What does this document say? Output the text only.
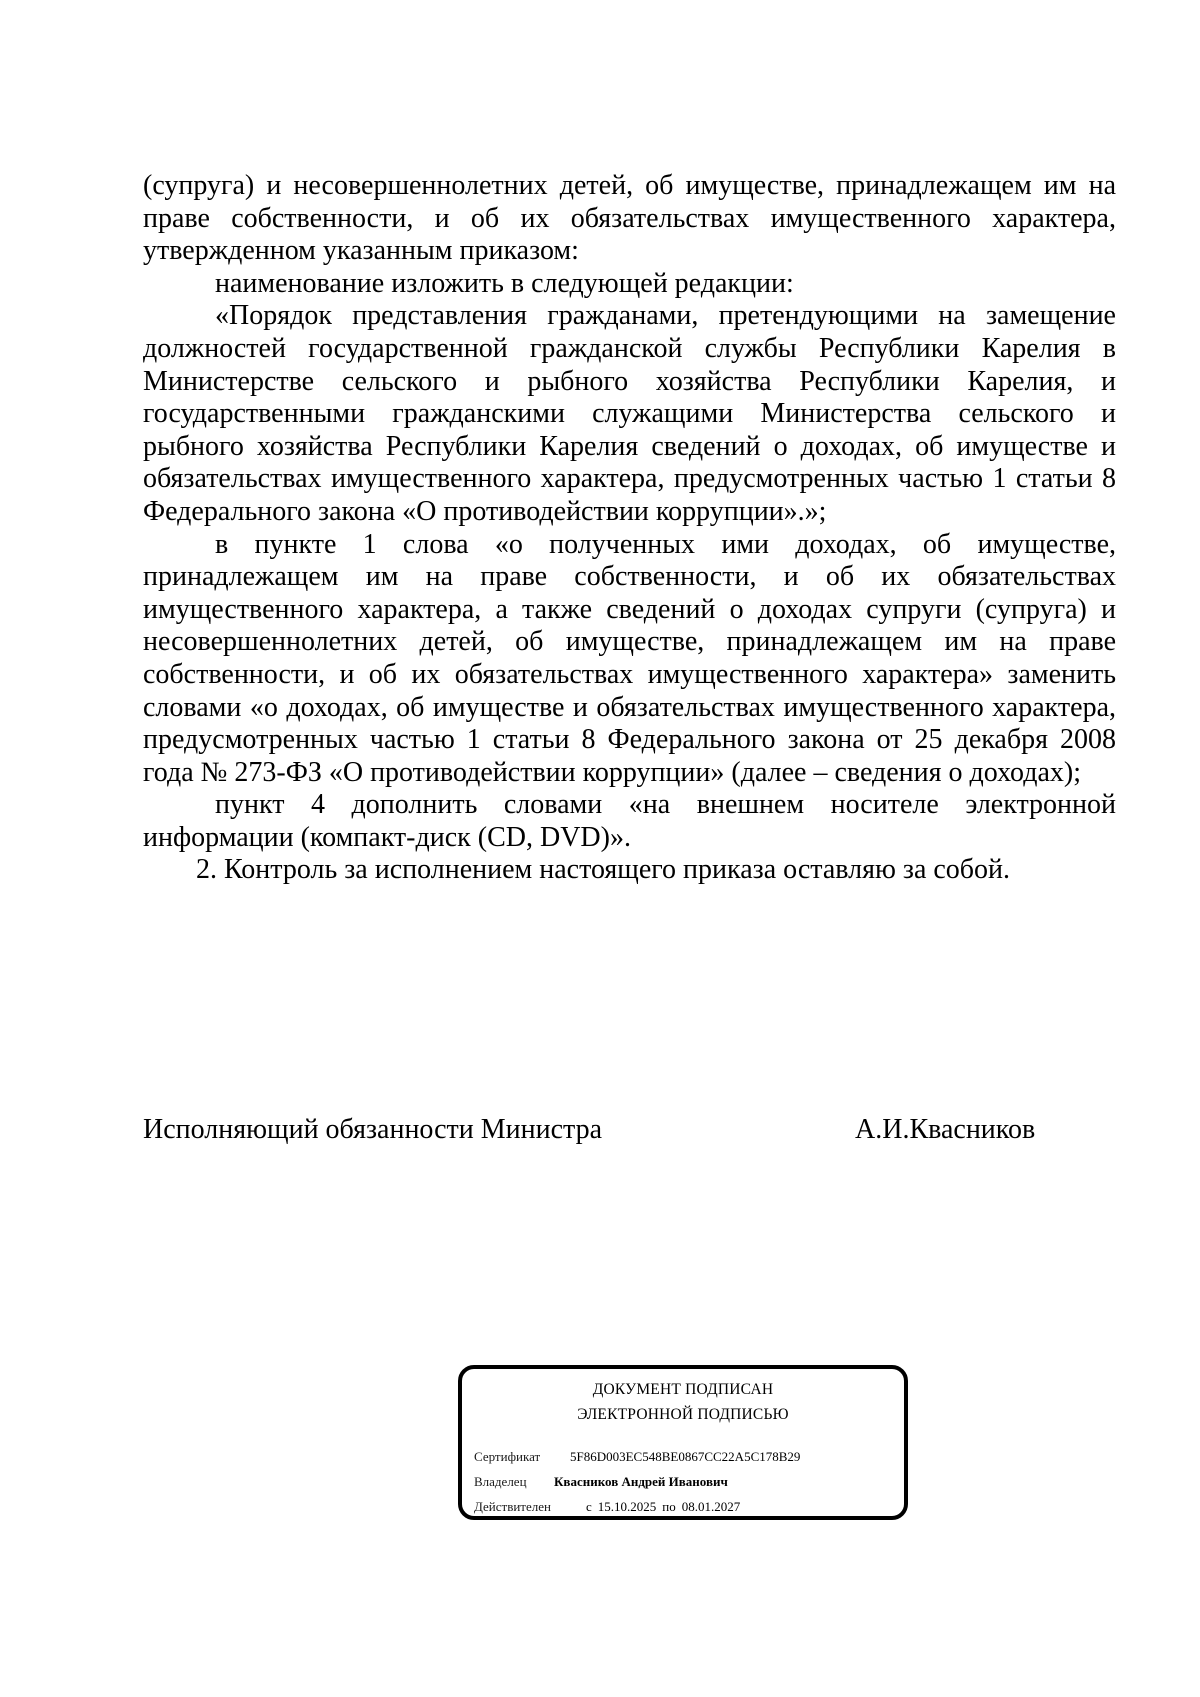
(супруга) и несовершеннолетних детей, об имуществе, принадлежащем им на праве собственности, и об их обязательствах имущественного характера, утвержденном указанным приказом:

наименование изложить в следующей редакции:

«Порядок представления гражданами, претендующими на замещение должностей государственной гражданской службы Республики Карелия в Министерстве сельского и рыбного хозяйства Республики Карелия, и государственными гражданскими служащими Министерства сельского и рыбного хозяйства Республики Карелия сведений о доходах, об имуществе и обязательствах имущественного характера, предусмотренных частью 1 статьи 8 Федерального закона «О противодействии коррупции».»;

в пункте 1 слова «о полученных ими доходах, об имуществе, принадлежащем им на праве собственности, и об их обязательствах имущественного характера, а также сведений о доходах супруги (супруга) и несовершеннолетних детей, об имуществе, принадлежащем им на праве собственности, и об их обязательствах имущественного характера» заменить словами «о доходах, об имуществе и обязательствах имущественного характера, предусмотренных частью 1 статьи 8 Федерального закона от 25 декабря 2008 года № 273-ФЗ «О противодействии коррупции» (далее – сведения о доходах);

пункт 4 дополнить словами «на внешнем носителе электронной информации (компакт-диск (CD, DVD)».

2. Контроль за исполнением настоящего приказа оставляю за собой.

Исполняющий обязанности Министра	А.И.Квасников
ДОКУМЕНТ ПОДПИСАН
ЭЛЕКТРОННОЙ ПОДПИСЬЮ
Сертификат 5F86D003EC548BE0867CC22A5C178B29
Владелец Квасников Андрей Иванович
Действителен	с 15.10.2025 по 08.01.2027
